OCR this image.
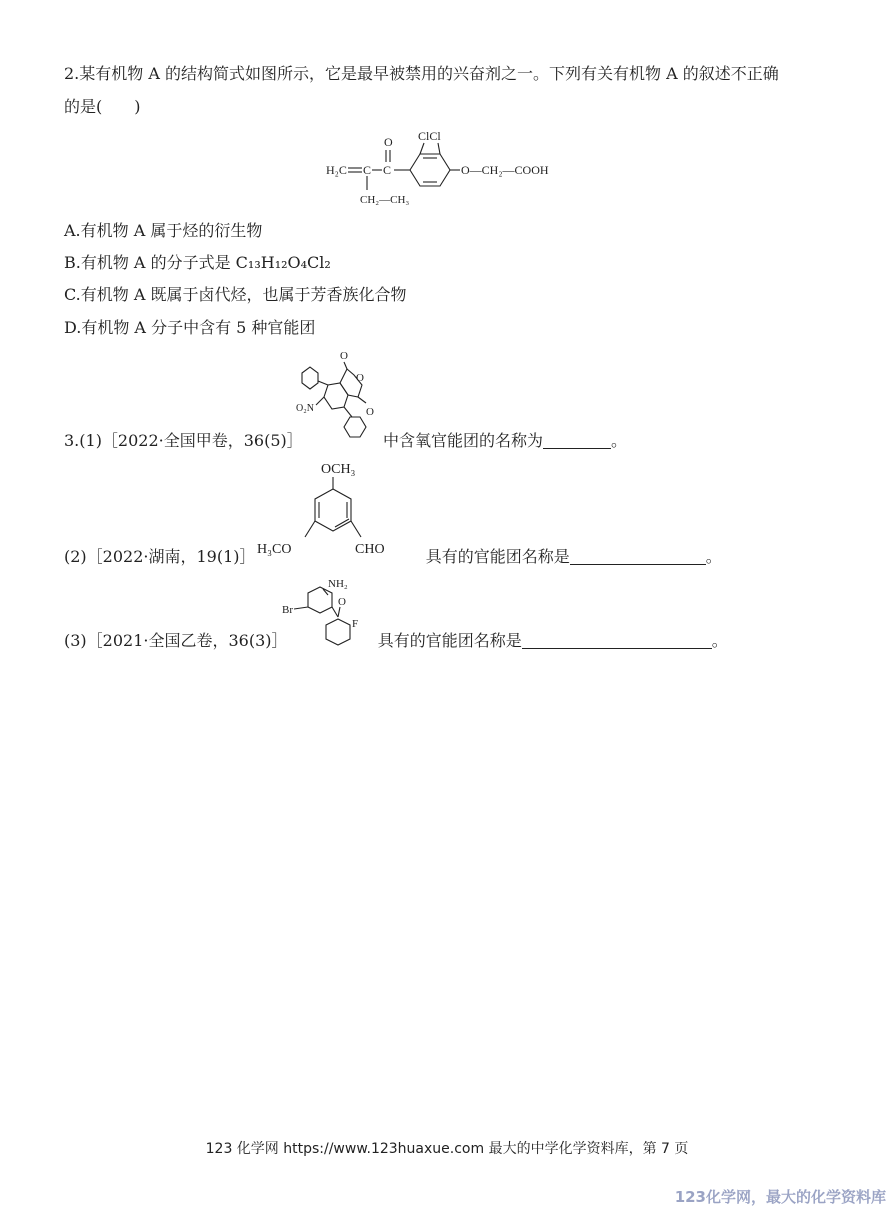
2.某有机物 A 的结构简式如图所示，它是最早被禁用的兴奋剂之一。下列有关有机物 A 的叙述不正确
的是(　　)
H₂C C C
O
CH₂—CH₃
ClCl
O—CH₂—COOH
A.有机物 A 属于烃的衍生物
B.有机物 A 的分子式是 C₁₃H₁₂O₄Cl₂
C.有机物 A 既属于卤代烃，也属于芳香族化合物
D.有机物 A 分子中含有 5 种官能团
O
O
O
O₂N
3.(1)［2022·全国甲卷，36(5)］	中含氧官能团的名称为	。
OCH₃
H₃CO	CHO
(2)［2022·湖南，19(1)］	具有的官能团名称是	。
NH₂
Br
O
F
(3)［2021·全国乙卷，36(3)］	具有的官能团名称是	。
123 化学网 https://www.123huaxue.com 最大的中学化学资料库，第 7 页
123化学网，最大的化学资料库
